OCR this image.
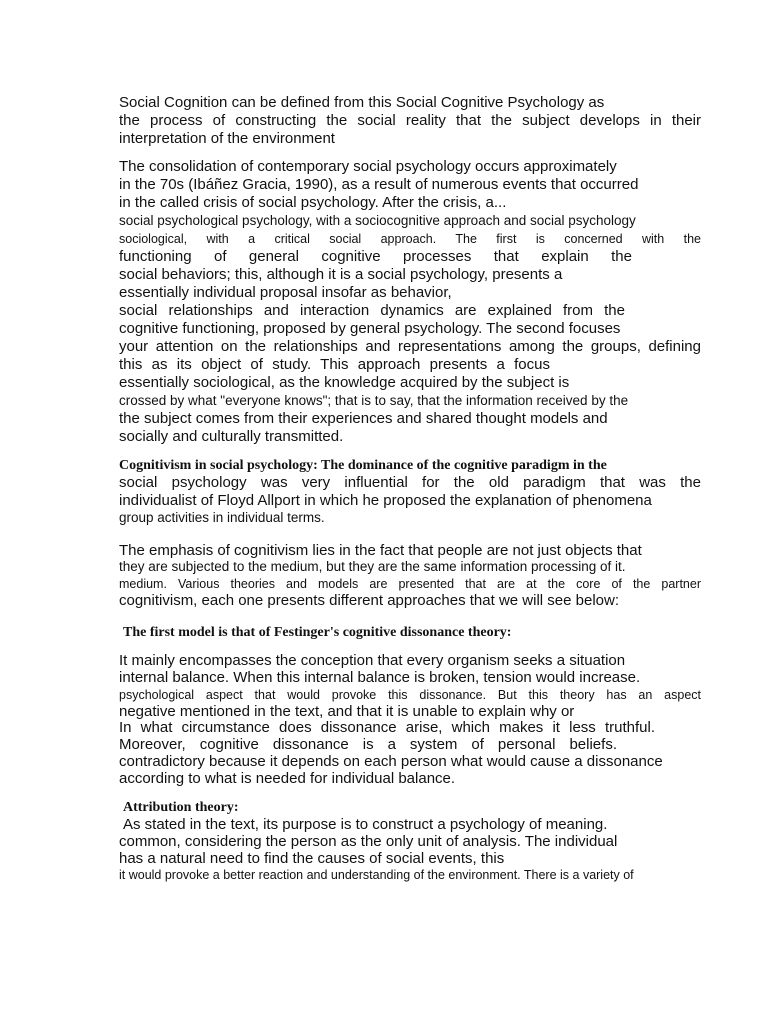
Social Cognition can be defined from this Social Cognitive Psychology as
the process of constructing the social reality that the subject develops in their
interpretation of the environment
The consolidation of contemporary social psychology occurs approximately
in the 70s (Ibáñez Gracia, 1990), as a result of numerous events that occurred
in the called crisis of social psychology. After the crisis, a...
social psychological psychology, with a sociocognitive approach and social psychology
sociological, with a critical social approach. The first is concerned with the
functioning of general cognitive processes that explain the
social behaviors; this, although it is a social psychology, presents a
essentially individual proposal insofar as behavior,
social relationships and interaction dynamics are explained from the
cognitive functioning, proposed by general psychology. The second focuses
your attention on the relationships and representations among the groups, defining
this as its object of study. This approach presents a focus
essentially sociological, as the knowledge acquired by the subject is
crossed by what "everyone knows"; that is to say, that the information received by the
the subject comes from their experiences and shared thought models and
socially and culturally transmitted.
Cognitivism in social psychology: The dominance of the cognitive paradigm in the
social psychology was very influential for the old paradigm that was the
individualist of Floyd Allport in which he proposed the explanation of phenomena
group activities in individual terms.
The emphasis of cognitivism lies in the fact that people are not just objects that
they are subjected to the medium, but they are the same information processing of it.
medium. Various theories and models are presented that are at the core of the partner
cognitivism, each one presents different approaches that we will see below:
The first model is that of Festinger's cognitive dissonance theory:
It mainly encompasses the conception that every organism seeks a situation
internal balance. When this internal balance is broken, tension would increase.
psychological aspect that would provoke this dissonance. But this theory has an aspect
negative mentioned in the text, and that it is unable to explain why or
In what circumstance does dissonance arise, which makes it less truthful.
Moreover, cognitive dissonance is a system of personal beliefs.
contradictory because it depends on each person what would cause a dissonance
according to what is needed for individual balance.
Attribution theory:
As stated in the text, its purpose is to construct a psychology of meaning.
common, considering the person as the only unit of analysis. The individual
has a natural need to find the causes of social events, this
it would provoke a better reaction and understanding of the environment. There is a variety of
